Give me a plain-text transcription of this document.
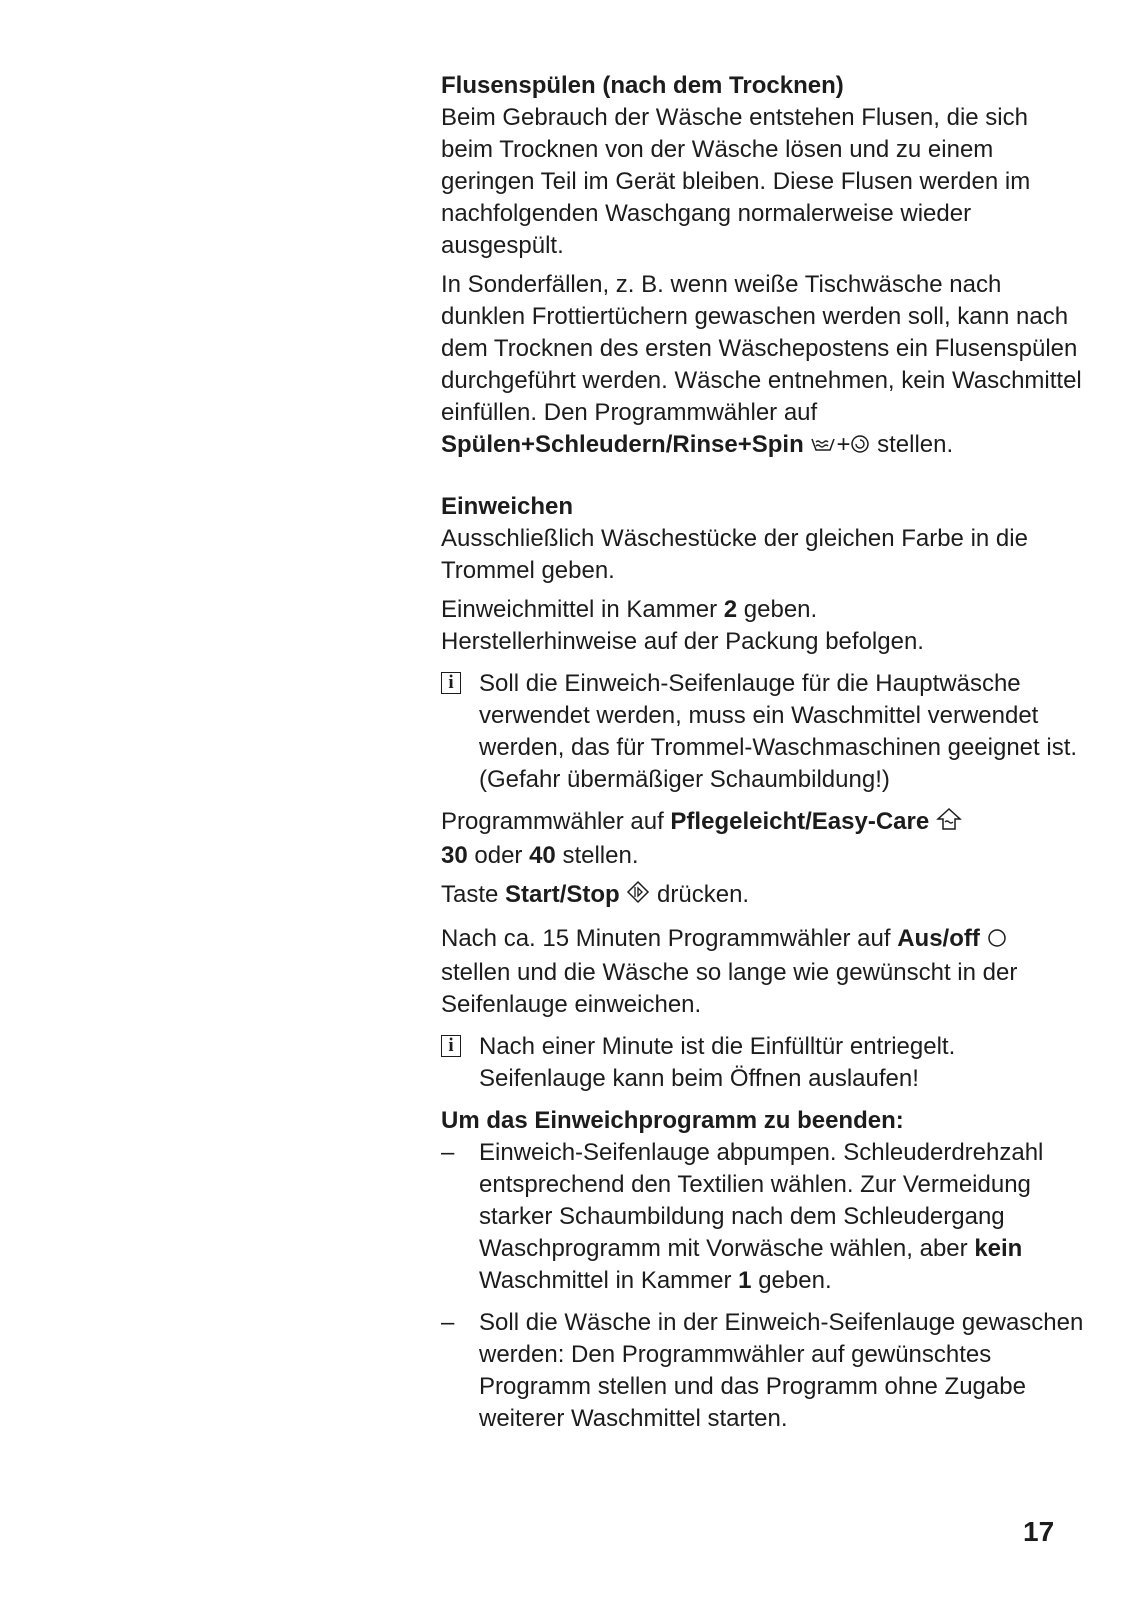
Flusenspülen (nach dem Trocknen)

Beim Gebrauch der Wäsche entstehen Flusen, die sich beim Trocknen von der Wäsche lösen und zu einem geringen Teil im Gerät bleiben. Diese Flusen werden im nachfolgenden Waschgang normalerweise wieder ausgespült.

In Sonderfällen, z. B. wenn weiße Tischwäsche nach dunklen Frottiertüchern gewaschen werden soll, kann nach dem Trocknen des ersten Wäschepostens ein Flusenspülen durchgeführt werden. Wäsche entnehmen, kein Waschmittel einfüllen. Den Programmwähler auf Spülen+Schleudern/Rinse+Spin + stellen.

Einweichen

Ausschließlich Wäschestücke der gleichen Farbe in die Trommel geben.

Einweichmittel in Kammer 2 geben.
Herstellerhinweise auf der Packung befolgen.

i	Soll die Einweich-Seifenlauge für die Hauptwäsche verwendet werden, muss ein Waschmittel verwendet werden, das für Trommel-Waschmaschinen geeignet ist. (Gefahr übermäßiger Schaumbildung!)

Programmwähler auf Pflegeleicht/Easy-Care
30 oder 40 stellen.

Taste Start/Stop  drücken.

Nach ca. 15 Minuten Programmwähler auf Aus/off
stellen und die Wäsche so lange wie gewünscht in der Seifenlauge einweichen.

i	Nach einer Minute ist die Einfülltür entriegelt. Seifenlauge kann beim Öffnen auslaufen!

Um das Einweichprogramm zu beenden:

– Einweich-Seifenlauge abpumpen. Schleuderdrehzahl entsprechend den Textilien wählen. Zur Vermeidung starker Schaumbildung nach dem Schleudergang Waschprogramm mit Vorwäsche wählen, aber kein Waschmittel in Kammer 1 geben.

– Soll die Wäsche in der Einweich-Seifenlauge gewaschen werden: Den Programmwähler auf gewünschtes Programm stellen und das Programm ohne Zugabe weiterer Waschmittel starten.

17
